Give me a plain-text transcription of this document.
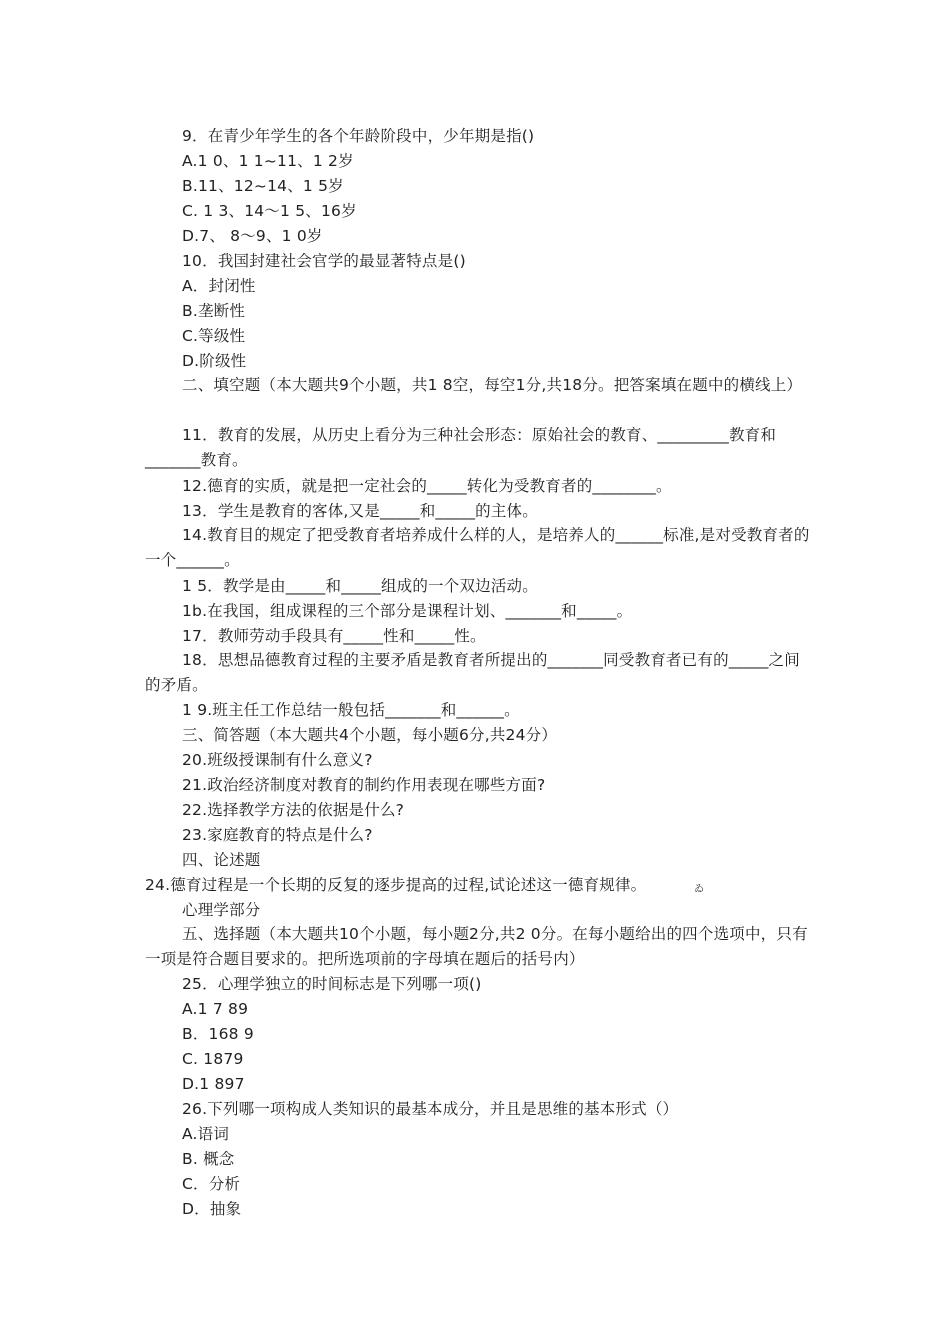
9．在青少年学生的各个年龄阶段中，少年期是指()
A.1 0、1 1~11、1 2岁
B.11、12~14、1 5岁
C. 1 3、14～1 5、16岁
D.7、 8～9、1 0岁
10．我国封建社会官学的最显著特点是()
A．封闭性
B.垄断性
C.等级性
D.阶级性
二、填空题（本大题共9个小题，共1 8空，每空1分,共18分。把答案填在题中的横线上）
11．教育的发展，从历史上看分为三种社会形态：原始社会的教育、_________教育和_______教育。
12.德育的实质，就是把一定社会的_____转化为受教育者的________。
13．学生是教育的客体,又是_____和_____的主体。
14.教育目的规定了把受教育者培养成什么样的人，是培养人的______标准,是对受教育者的一个______。
1 5．教学是由_____和_____组成的一个双边活动。
1b.在我国，组成课程的三个部分是课程计划、_______和_____。
17．教师劳动手段具有_____性和_____性。
18．思想品德教育过程的主要矛盾是教育者所提出的_______同受教育者已有的_____之间的矛盾。
1 9.班主任工作总结一般包括_______和______。
三、简答题（本大题共4个小题，每小题6分,共24分）
20.班级授课制有什么意义?
21.政治经济制度对教育的制约作用表现在哪些方面?
22.选择教学方法的依据是什么?
23.家庭教育的特点是什么?
四、论述题
24.德育过程是一个长期的反复的逐步提高的过程,试论述这一德育规律。	ゐ
心理学部分
五、选择题（本大题共10个小题，每小题2分,共2 0分。在每小题给出的四个选项中，只有一项是符合题目要求的。把所选项前的字母填在题后的括号内）
25．心理学独立的时间标志是下列哪一项()
A.1 7 89
B．168 9
C. 1879
D.1 897
26.下列哪一项构成人类知识的最基本成分，并且是思维的基本形式（）
A.语词
B. 概念
C．分析
D．抽象
